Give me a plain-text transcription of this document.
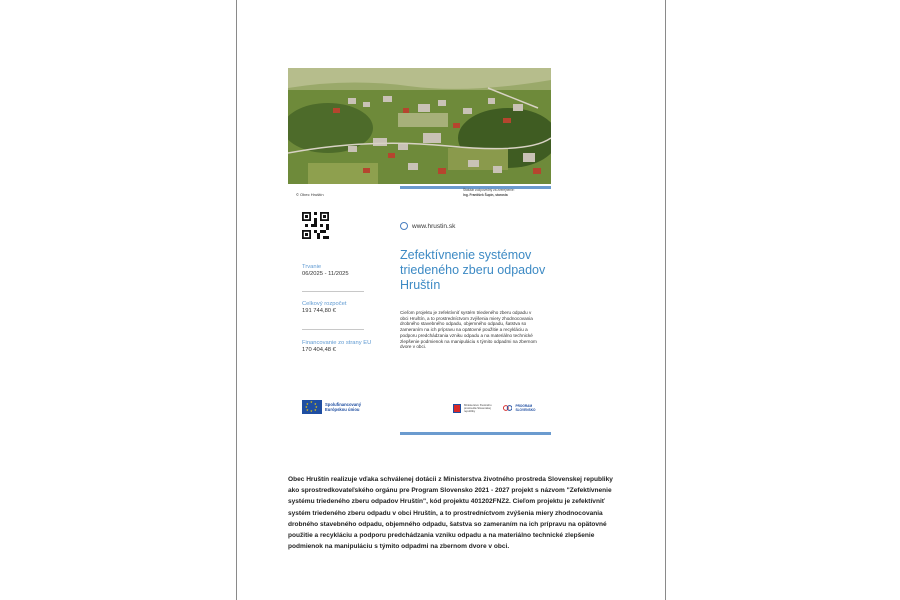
© Obec Hruštín
Štatutár zodpovedný za zverejnenie:
Ing. František Šupin, starosta
www.hrustin.sk
Zefektívnenie systémov triedeného zberu odpadov Hruštín
Cieľom projektu je zefektívniť systém triedeného zberu odpadu v obci Hruštín, a to prostredníctvom zvýšenia miery zhodnocovania drobného stavebného odpadu, objemného odpadu, šatstva so zameraním na ich prípravu na opätovné použitie a recykláciu a podporu predchádzania vzniku odpadu a na materiálno technické zlepšenie podmienok na manipuláciu s týmito odpadmi na zbernom dvore v obci.
Trvanie
06/2025 - 11/2025
Celkový rozpočet
191 744,80 €
Financovanie zo strany EU
170 404,48 €
★ ★
★
★
★
★
★
★	Spolufinancovaný
Európskou úniou
Ministerstvo životného prostredia Slovenskej republiky
PROGRAM SLOVENSKO
Obec Hruštín realizuje vďaka schválenej dotácii z Ministerstva životného prostreda Slovenskej republiky ako sprostredkovateľského orgánu pre Program Slovensko 2021 - 2027 projekt s názvom "Zefektívnenie systému triedeného zberu odpadov Hruštín", kód projektu 401202FNZ2. Cieľom projektu je zefektívniť systém triedeného zberu odpadu v obci Hruštín, a to prostredníctvom zvýšenia miery zhodnocovania drobného stavebného odpadu, objemného odpadu, šatstva so zameraním na ich prípravu na opätovné použitie a recykláciu a podporu predchádzania vzniku odpadu a na materiálno technické zlepšenie podmienok na manipuláciu s týmito odpadmi na zbernom dvore v obci.
